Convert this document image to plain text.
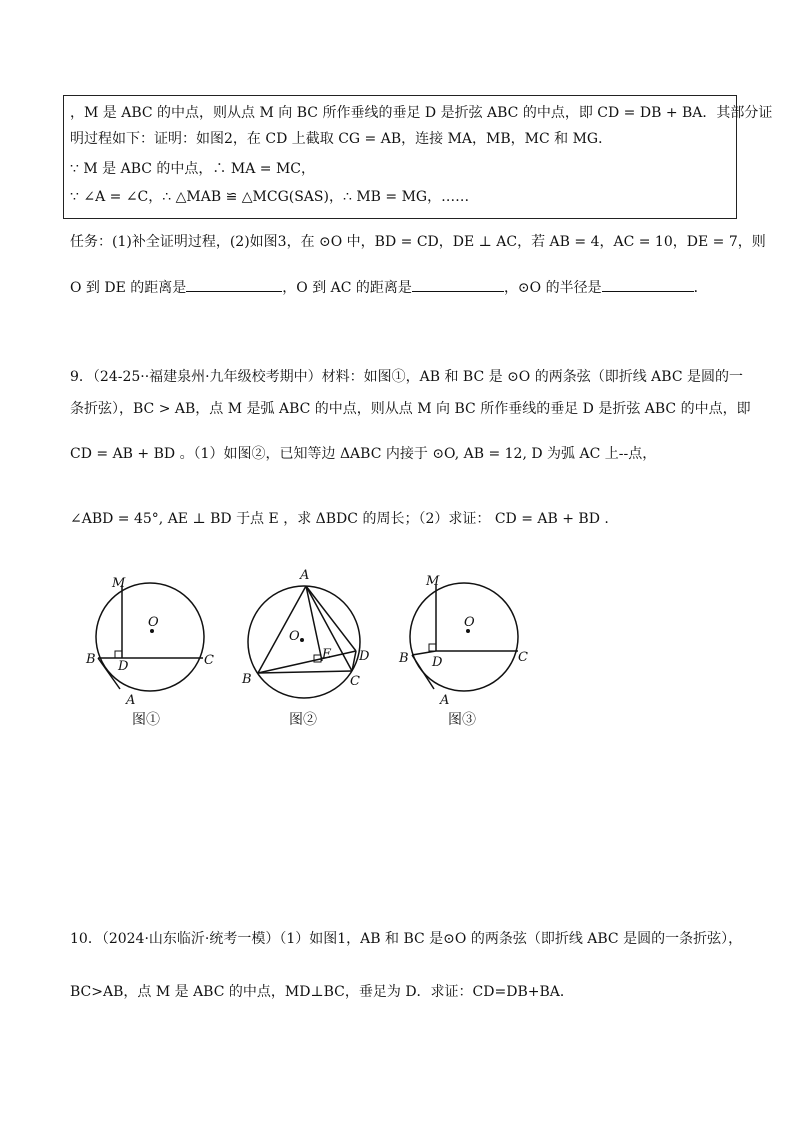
，M 是 ABC 的中点，则从点 M 向 BC 所作垂线的垂足 D 是折弦 ABC 的中点，即 CD = DB + BA．其部分证
明过程如下：证明：如图2，在 CD 上截取 CG = AB，连接 MA，MB，MC 和 MG．
∵ M 是 ABC 的中点，∴ MA = MC，
∵ ∠A = ∠C，∴ △MAB ≌ △MCG(SAS)，∴ MB = MG，……
任务：(1)补全证明过程，(2)如图3，在 ⊙O 中，BD = CD，DE ⊥ AC，若 AB = 4，AC = 10，DE = 7，则
O 到 DE 的距离是	，O 到 AC 的距离是	，⊙O 的半径是	．
9．（24-25··福建泉州·九年级校考期中）材料：如图①，AB 和 BC 是 ⊙O 的两条弦（即折线 ABC 是圆的一
条折弦），BC > AB，点 M 是弧 ABC 的中点，则从点 M 向 BC 所作垂线的垂足 D 是折弦 ABC 的中点，即
CD = AB + BD 。（1）如图②，已知等边 ΔABC 内接于 ⊙O, AB = 12, D 为弧 AC 上--点，
∠ABD = 45°, AE ⊥ BD 于点 E ，求 ΔBDC 的周长；（2）求证： CD = AB + BD .
M
O
B D	C
A
图①
A
O
E D
B	C
图②
M
O
B D	C
A
图③
10．（2024·山东临沂·统考一模）（1）如图1，AB 和 BC 是⊙O 的两条弦（即折线 ABC 是圆的一条折弦），
BC>AB，点 M 是 ABC 的中点，MD⊥BC，垂足为 D．求证：CD=DB+BA．
